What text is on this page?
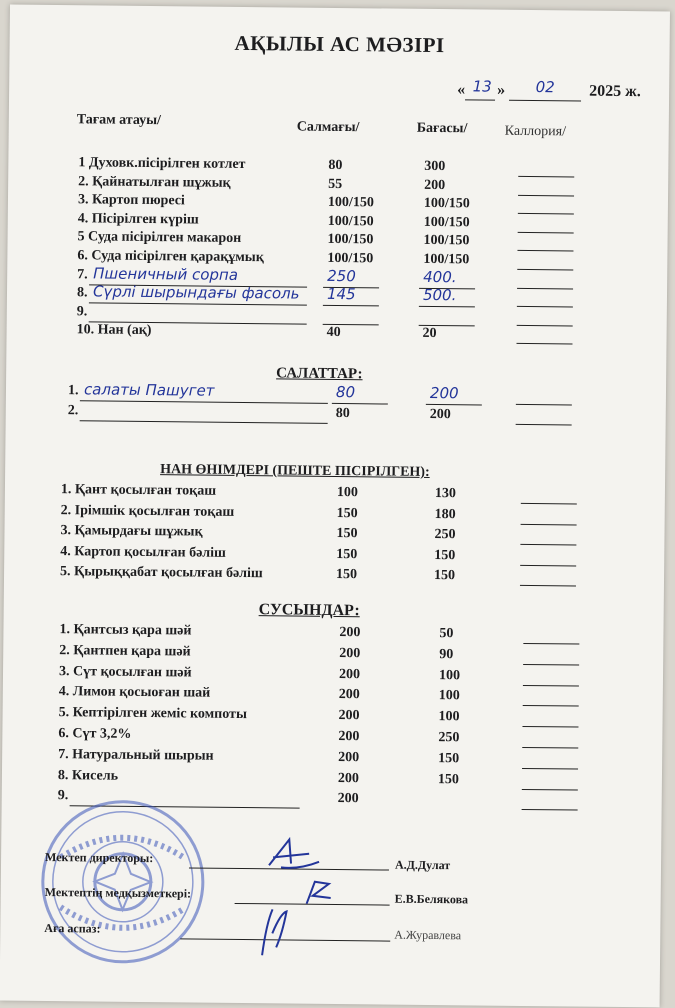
АҚЫЛЫ АС МӘЗІРІ
« 13 »	02	2025 ж.
Тағам атауы/	Салмағы/	Бағасы/	Каллория/
1 Духовк.пісірілген котлет	80	300
2. Қайнатылған шұжық	55	200
3. Картоп пюресі	100/150	100/150
4. Пісірілген күріш	100/150	100/150
5 Суда пісірілген макарон	100/150	100/150
6. Суда пісірілген қарақұмық	100/150	100/150
7. Пшеничный сорпа	250	400.
8. Сүрлі шырындағы фасоль 145	500.
9.
10. Нан (ақ)	40	20
САЛАТТАР:
1. салаты Пашугет	80	200
2.	80	200
НАН ӨНІМДЕРІ (ПЕШТЕ ПІСІРІЛГЕН):
1. Қант қосылған тоқаш	100	130
2. Ірімшік қосылған тоқаш	150	180
3. Қамырдағы шұжық	150	250
4. Картоп қосылған бәліш	150	150
5. Қырыққабат қосылған бәліш	150	150
СУСЫНДАР:
1. Қантсыз қара шәй	200	50
2. Қантпен қара шәй	200	90
3. Сүт қосылған шәй	200	100
4. Лимон қосыоған шай	200	100
5. Кептірілген жеміс компоты	200	100
6. Сүт 3,2%	200	250
7. Натуральный шырын	200	150
8. Кисель	200	150
9.	200
Мектеп директоры:	А.Д.Дулат
Мектептің медқызметкері:	Е.В.Белякова
Аға аспаз:	А.Журавлева
